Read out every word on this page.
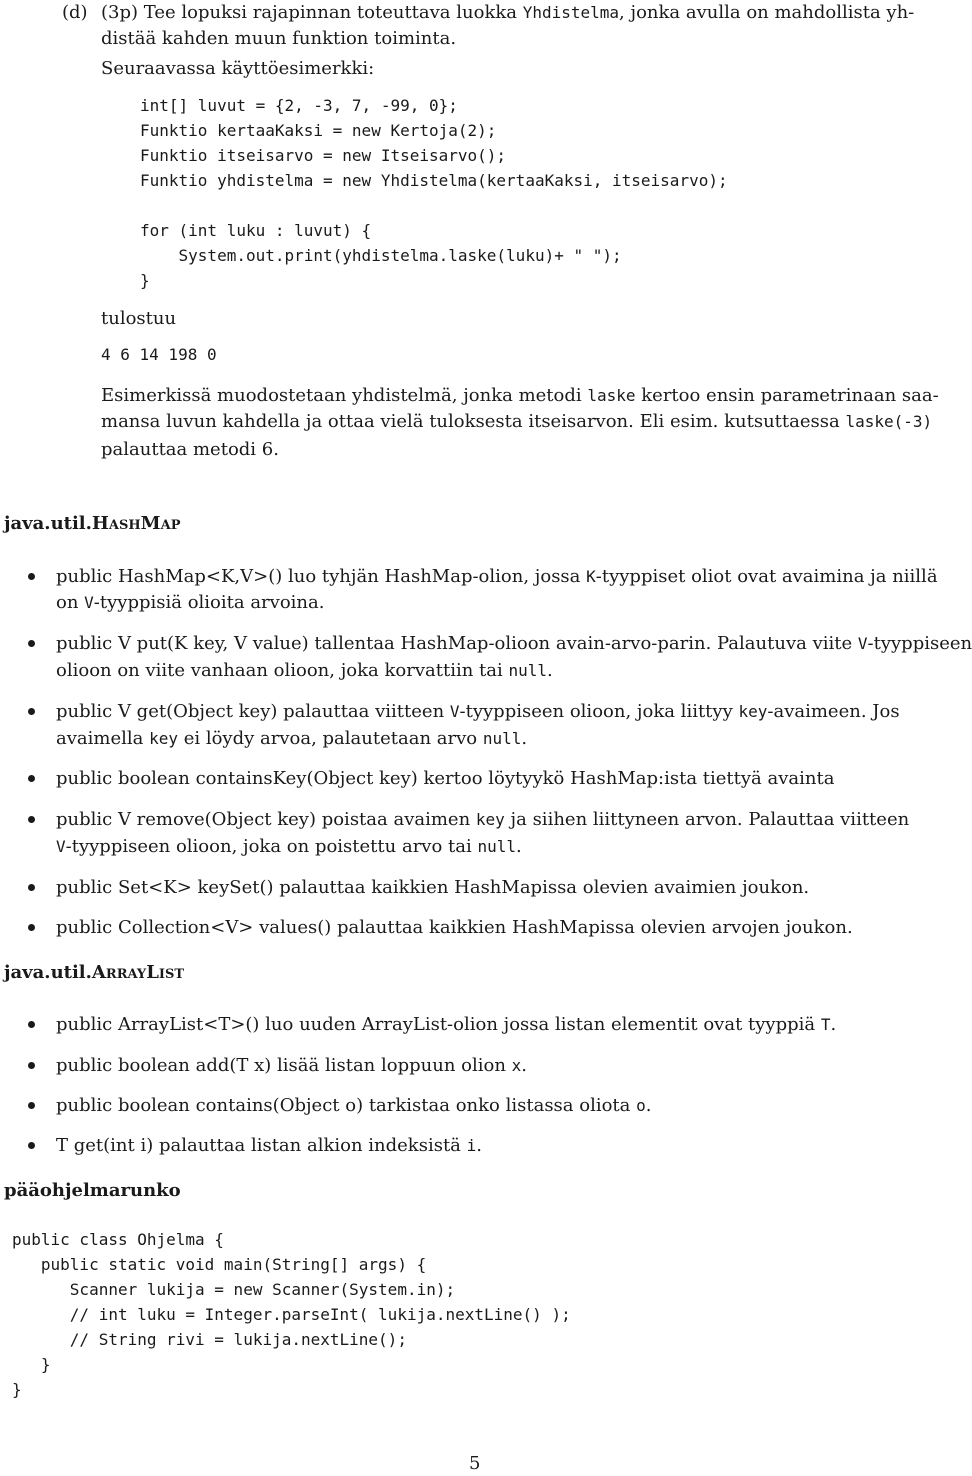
(d) (3p) Tee lopuksi rajapinnan toteuttava luokka Yhdistelma, jonka avulla on mahdollista yh-
distää kahden muun funktion toiminta.
Seuraavassa käyttöesimerkki:
int[] luvut = {2, -3, 7, -99, 0};
Funktio kertaaKaksi = new Kertoja(2);
Funktio itseisarvo = new Itseisarvo();
Funktio yhdistelma = new Yhdistelma(kertaaKaksi, itseisarvo);
for (int luku : luvut) {
System.out.print(yhdistelma.laske(luku)+ " ");
}
tulostuu
4 6 14 198 0
Esimerkissä muodostetaan yhdistelmä, jonka metodi laske kertoo ensin parametrinaan saa-
mansa luvun kahdella ja ottaa vielä tuloksesta itseisarvon. Eli esim. kutsuttaessa laske(-3)
palauttaa metodi 6.
java.util.HashMap
public HashMap<K,V>() luo tyhjän HashMap-olion, jossa K-tyyppiset oliot ovat avaimina ja niillä
on V-tyyppisiä olioita arvoina.
public V put(K key, V value) tallentaa HashMap-olioon avain-arvo-parin. Palautuva viite V-tyyppiseen
olioon on viite vanhaan olioon, joka korvattiin tai null.
public V get(Object key) palauttaa viitteen V-tyyppiseen olioon, joka liittyy key-avaimeen. Jos
avaimella key ei löydy arvoa, palautetaan arvo null.
public boolean containsKey(Object key) kertoo löytyykö HashMap:ista tiettyä avainta
public V remove(Object key) poistaa avaimen key ja siihen liittyneen arvon. Palauttaa viitteen
V-tyyppiseen olioon, joka on poistettu arvo tai null.
public Set<K> keySet() palauttaa kaikkien HashMapissa olevien avaimien joukon.
public Collection<V> values() palauttaa kaikkien HashMapissa olevien arvojen joukon.
java.util.ArrayList
public ArrayList<T>() luo uuden ArrayList-olion jossa listan elementit ovat tyyppiä T.
public boolean add(T x) lisää listan loppuun olion x.
public boolean contains(Object o) tarkistaa onko listassa oliota o.
T get(int i) palauttaa listan alkion indeksistä i.
pääohjelmarunko
public class Ohjelma {
public static void main(String[] args) {
Scanner lukija = new Scanner(System.in);
// int luku = Integer.parseInt( lukija.nextLine() );
// String rivi = lukija.nextLine();
}
}
5
